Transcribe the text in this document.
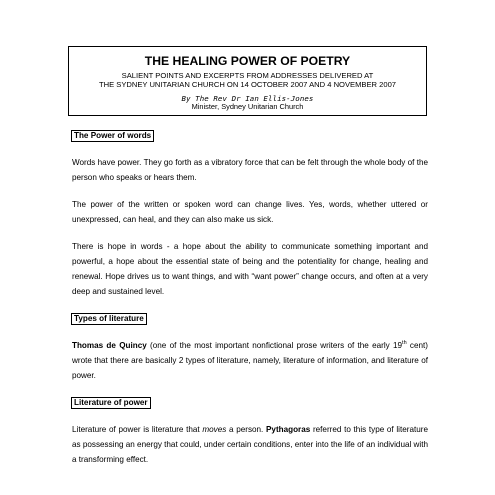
THE HEALING POWER OF POETRY
SALIENT POINTS AND EXCERPTS FROM ADDRESSES DELIVERED AT
THE SYDNEY UNITARIAN CHURCH ON 14 OCTOBER 2007 AND 4 NOVEMBER 2007
By The Rev Dr Ian Ellis-Jones
Minister, Sydney Unitarian Church
The Power of words

Words have power. They go forth as a vibratory force that can be felt through the whole body of the person who speaks or hears them.

The power of the written or spoken word can change lives. Yes, words, whether uttered or unexpressed, can heal, and they can also make us sick.

There is hope in words - a hope about the ability to communicate something important and powerful, a hope about the essential state of being and the potentiality for change, healing and renewal. Hope drives us to want things, and with “want power” change occurs, and often at a very deep and sustained level.

Types of literature

Thomas de Quincy (one of the most important nonfictional prose writers of the early 19th cent) wrote that there are basically 2 types of literature, namely, literature of information, and literature of power.

Literature of power

Literature of power is literature that moves a person. Pythagoras referred to this type of literature as possessing an energy that could, under certain conditions, enter into the life of an individual with a transforming effect.
